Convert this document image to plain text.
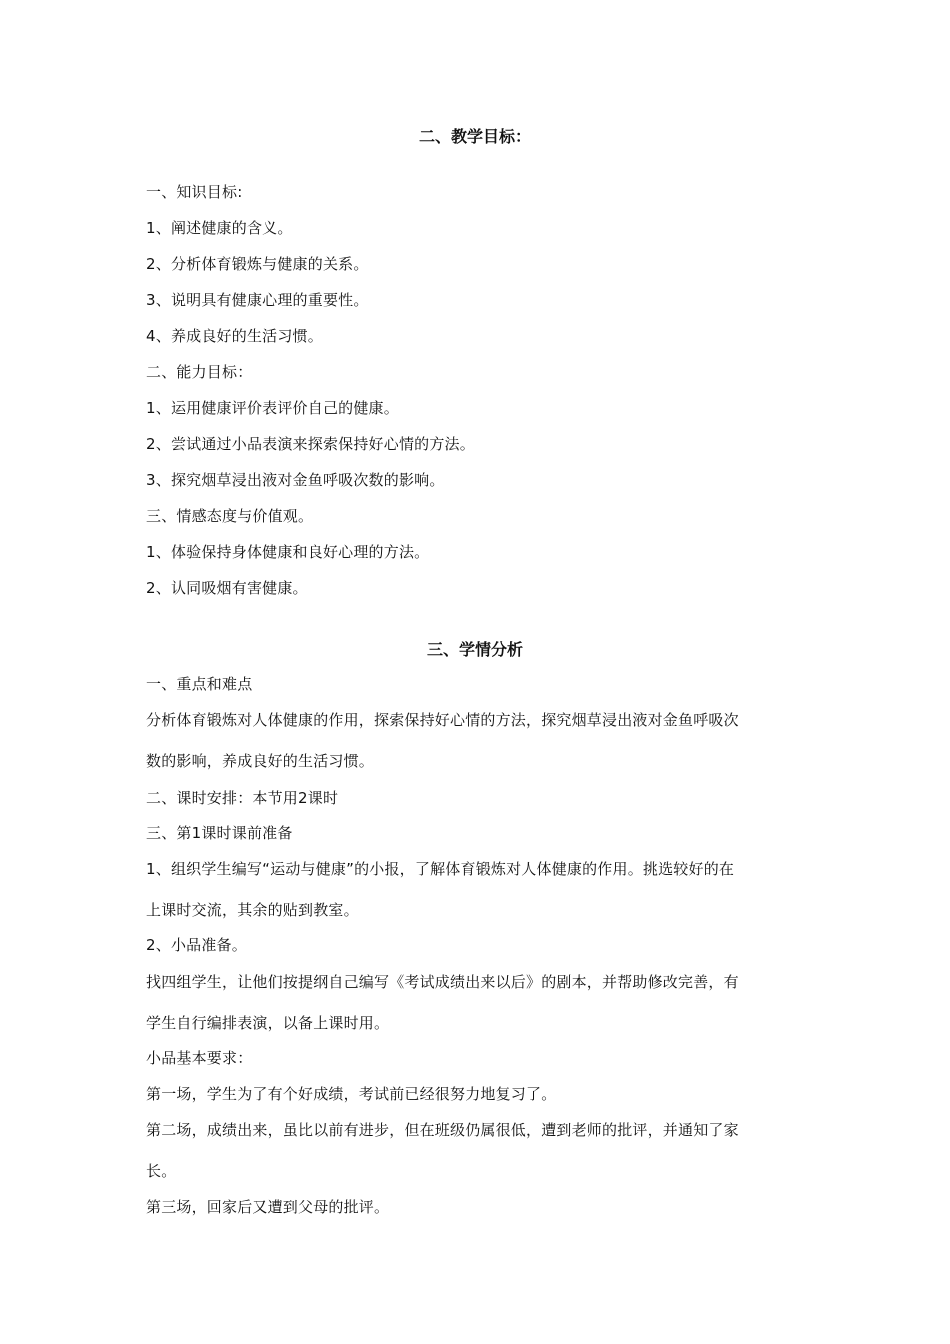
二、教学目标：
一、知识目标:
1、阐述健康的含义。
2、分析体育锻炼与健康的关系。
3、说明具有健康心理的重要性。
4、养成良好的生活习惯。
二、能力目标：
1、运用健康评价表评价自己的健康。
2、尝试通过小品表演来探索保持好心情的方法。
3、探究烟草浸出液对金鱼呼吸次数的影响。
三、情感态度与价值观。
1、体验保持身体健康和良好心理的方法。
2、认同吸烟有害健康。
三、学情分析
一、重点和难点
分析体育锻炼对人体健康的作用，探索保持好心情的方法，探究烟草浸出液对金鱼呼吸次
数的影响，养成良好的生活习惯。
二、课时安排：本节用2课时
三、第1课时课前准备
1、组织学生编写“运动与健康”的小报，了解体育锻炼对人体健康的作用。挑选较好的在
上课时交流，其余的贴到教室。
2、小品准备。
找四组学生，让他们按提纲自己编写《考试成绩出来以后》的剧本，并帮助修改完善，有
学生自行编排表演，以备上课时用。
小品基本要求：
第一场，学生为了有个好成绩，考试前已经很努力地复习了。
第二场，成绩出来，虽比以前有进步，但在班级仍属很低，遭到老师的批评，并通知了家
长。
第三场，回家后又遭到父母的批评。
